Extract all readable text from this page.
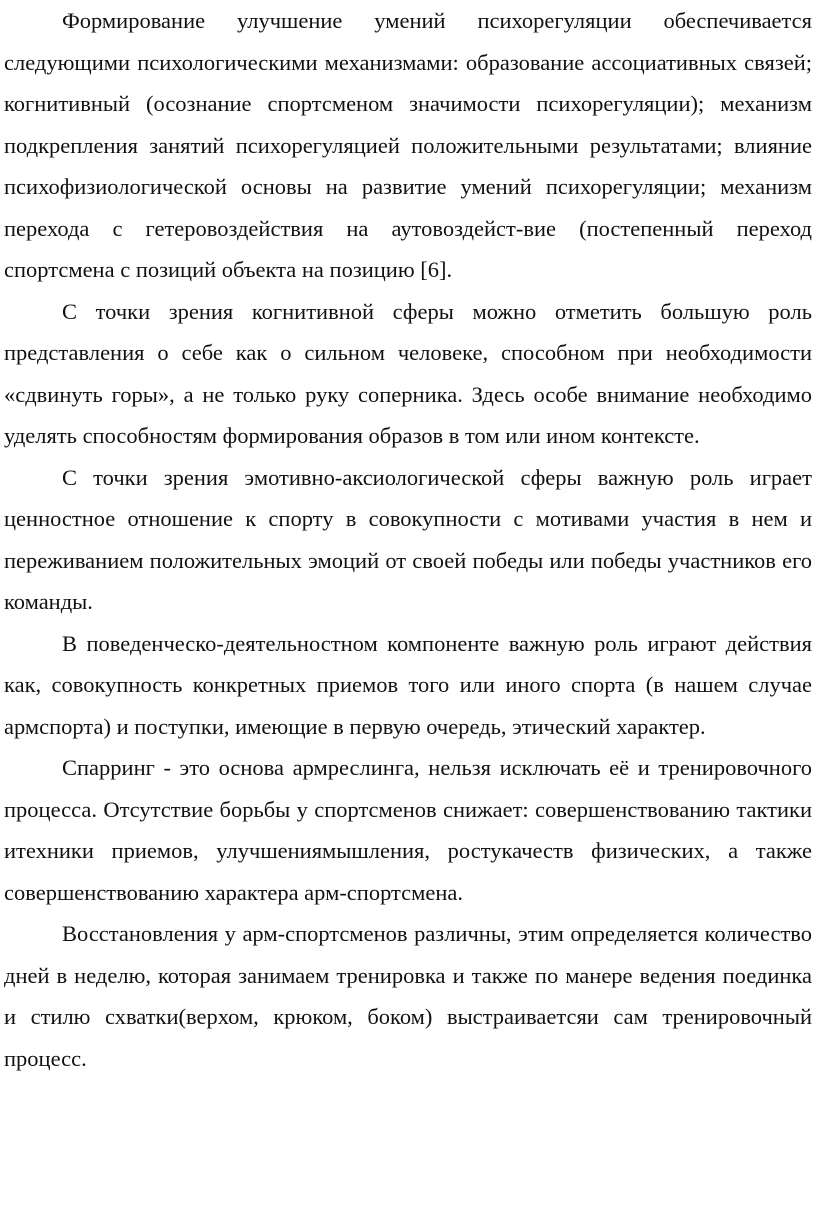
Формирование улучшение умений психорегуляции обеспечивается следующими психологическими механизмами: образование ассоциативных связей; когнитивный (осознание спортсменом значимости психорегуляции); механизм подкрепления занятий психорегуляцией положительными результатами; влияние психофизиологической основы на развитие умений психорегуляции; механизм перехода с гетеровоздействия на аутовоздейст-вие (постепенный переход спортсмена с позиций объекта на позицию [6].

С точки зрения когнитивной сферы можно отметить большую роль представления о себе как о сильном человеке, способном при необходимости «сдвинуть горы», а не только руку соперника. Здесь особе внимание необходимо уделять способностям формирования образов в том или ином контексте.

С точки зрения эмотивно-аксиологической сферы важную роль играет ценностное отношение к спорту в совокупности с мотивами участия в нем и переживанием положительных эмоций от своей победы или победы участников его команды.

В поведенческо-деятельностном компоненте важную роль играют действия как, совокупность конкретных приемов того или иного спорта (в нашем случае армспорта) и поступки, имеющие в первую очередь, этический характер.

Спарринг - это основа армреслинга, нельзя исключать её и тренировочного процесса. Отсутствие борьбы у спортсменов снижает: совершенствованию тактики итехники приемов, улучшениямышления, ростукачеств физических, а также совершенствованию характера арм-спортсмена.

Восстановления у арм-спортсменов различны, этим определяется количество дней в неделю, которая занимаем тренировка и также по манере ведения поединка и стилю схватки(верхом, крюком, боком) выстраиваетсяи сам тренировочный процесс.
